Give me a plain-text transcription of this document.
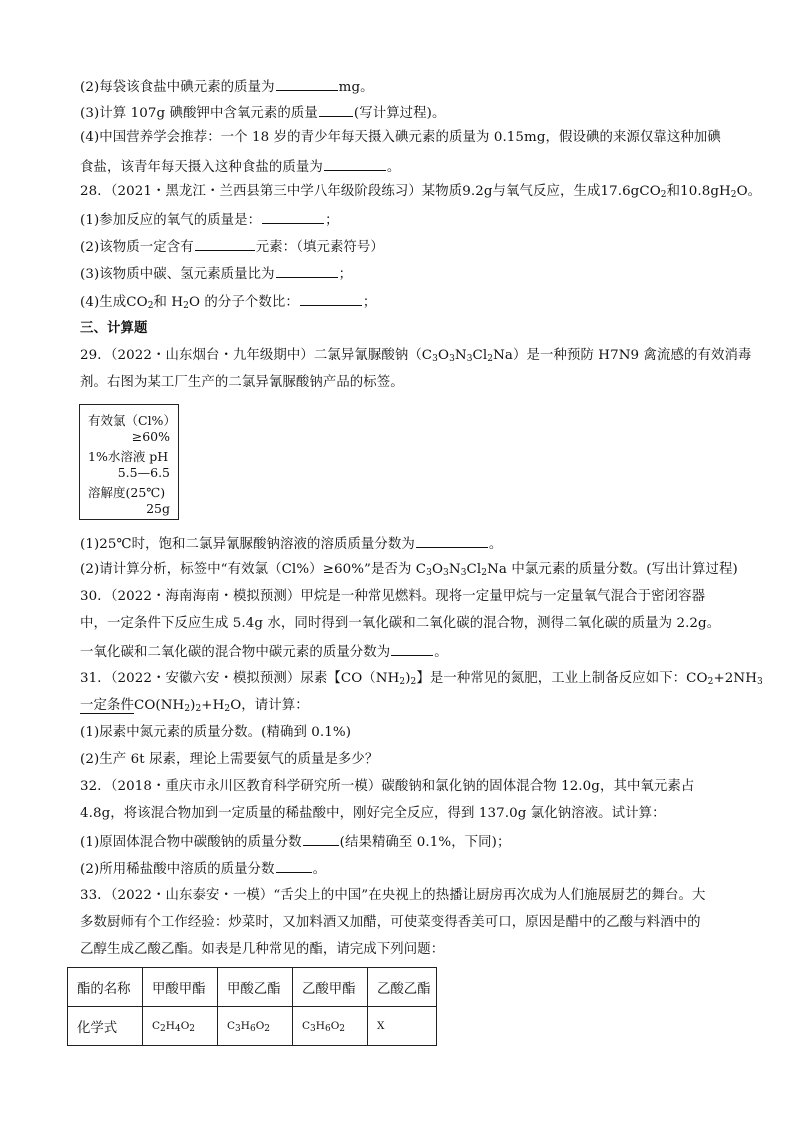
(2)每袋该食盐中碘元素的质量为	mg。
(3)计算 107g 碘酸钾中含氧元素的质量	(写计算过程)。
(4)中国营养学会推荐：一个 18 岁的青少年每天摄入碘元素的质量为 0.15mg，假设碘的来源仅靠这种加碘
食盐，该青年每天摄入这种食盐的质量为	。
28．（2021・黑龙江・兰西县第三中学八年级阶段练习）某物质9.2g与氧气反应，生成17.6gCO$_2$和$10.8gH_2O$。
(1)参加反应的氧气的质量是：	；
(2)该物质一定含有	元素：（填元素符号）
(3)该物质中碳、氢元素质量比为	；
(4)生成$CO_2$和 $H_2O$ 的分子个数比：	；
三、计算题
29．（2022・山东烟台・九年级期中）二氯异氰脲酸钠$(C_3O_3N_3Cl_2Na)$是一种预防 H7N9 禽流感的有效消毒
剂。右图为某工厂生产的二氯异氰脲酸钠产品的标签。
有效氯（Cl%）
≥60%
1%水溶液 pH
5.5—6.5
溶解度(25℃)
25g
(1)25℃时，饱和二氯异氰脲酸钠溶液的溶质质量分数为	。
(2)请计算分析，标签中“有效氯（Cl%）≥60%”是否为 $C_3O_3N_3Cl_2Na$ 中氯元素的质量分数。(写出计算过程)
30．（2022・海南海南・模拟预测）甲烷是一种常见燃料。现将一定量甲烷与一定量氧气混合于密闭容器
中，一定条件下反应生成 5.4g 水，同时得到一氧化碳和二氧化碳的混合物，测得二氧化碳的质量为 2.2g。
一氧化碳和二氧化碳的混合物中碳元素的质量分数为	。
31．（2022・安徽六安・模拟预测）尿素【$CO(NH_2)_2$】是一种常见的氮肥，工业上制备反应如下：$CO_2+2NH_3$
一定条件$CO(NH_2)_2+H_2O$，请计算：
(1)尿素中氮元素的质量分数。(精确到 0.1%)
(2)生产 6t 尿素，理论上需要氨气的质量是多少？
32．（2018・重庆市永川区教育科学研究所一模）碳酸钠和氯化钠的固体混合物 12.0g，其中氧元素占
4.8g，将该混合物加到一定质量的稀盐酸中，刚好完全反应，得到 137.0g 氯化钠溶液。试计算：
(1)原固体混合物中碳酸钠的质量分数	(结果精确至 0.1%，下同)；
(2)所用稀盐酸中溶质的质量分数	。
33．（2022・山东泰安・一模）“舌尖上的中国”在央视上的热播让厨房再次成为人们施展厨艺的舞台。大
多数厨师有个工作经验：炒菜时，又加料酒又加醋，可使菜变得香美可口，原因是醋中的乙酸与料酒中的
乙醇生成乙酸乙酯。如表是几种常见的酯，请完成下列问题：
酯的名称	甲酸甲酯	甲酸乙酯	乙酸甲酯	乙酸乙酯
化学式	$C_2H_4O_2$	$C_3H_6O_2$	$C_3H_6O_2$	X
